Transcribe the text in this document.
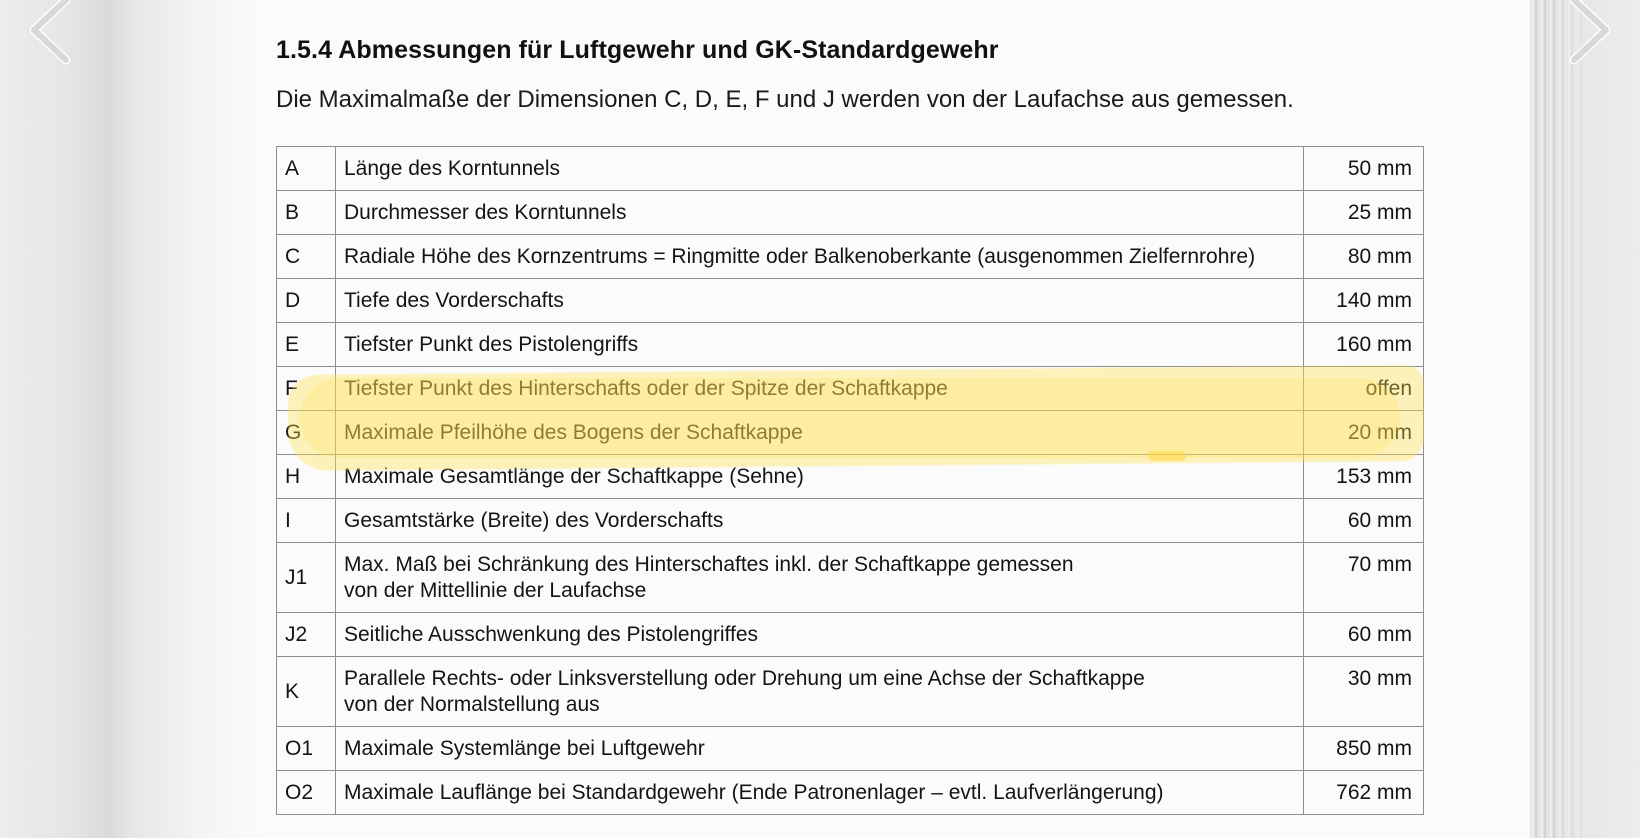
1.5.4 Abmessungen für Luftgewehr und GK-Standardgewehr
Die Maximalmaße der Dimensionen C, D, E, F und J werden von der Laufachse aus gemessen.
A	Länge des Korntunnels	50 mm
B	Durchmesser des Korntunnels	25 mm
C	Radiale Höhe des Kornzentrums = Ringmitte oder Balkenoberkante (ausgenommen Zielfernrohre)	80 mm
D	Tiefe des Vorderschafts	140 mm
E	Tiefster Punkt des Pistolengriffs	160 mm
F	Tiefster Punkt des Hinterschafts oder der Spitze der Schaftkappe	offen
G	Maximale Pfeilhöhe des Bogens der Schaftkappe	20 mm
H	Maximale Gesamtlänge der Schaftkappe (Sehne)	153 mm
I	Gesamtstärke (Breite) des Vorderschafts	60 mm
J1	Max. Maß bei Schränkung des Hinterschaftes inkl. der Schaftkappe gemessen
von der Mittellinie der Laufachse	70 mm
J2	Seitliche Ausschwenkung des Pistolengriffes	60 mm
K	Parallele Rechts- oder Linksverstellung oder Drehung um eine Achse der Schaftkappe
von der Normalstellung aus	30 mm
O1	Maximale Systemlänge bei Luftgewehr	850 mm
O2	Maximale Lauflänge bei Standardgewehr (Ende Patronenlager – evtl. Laufverlängerung)	762 mm
